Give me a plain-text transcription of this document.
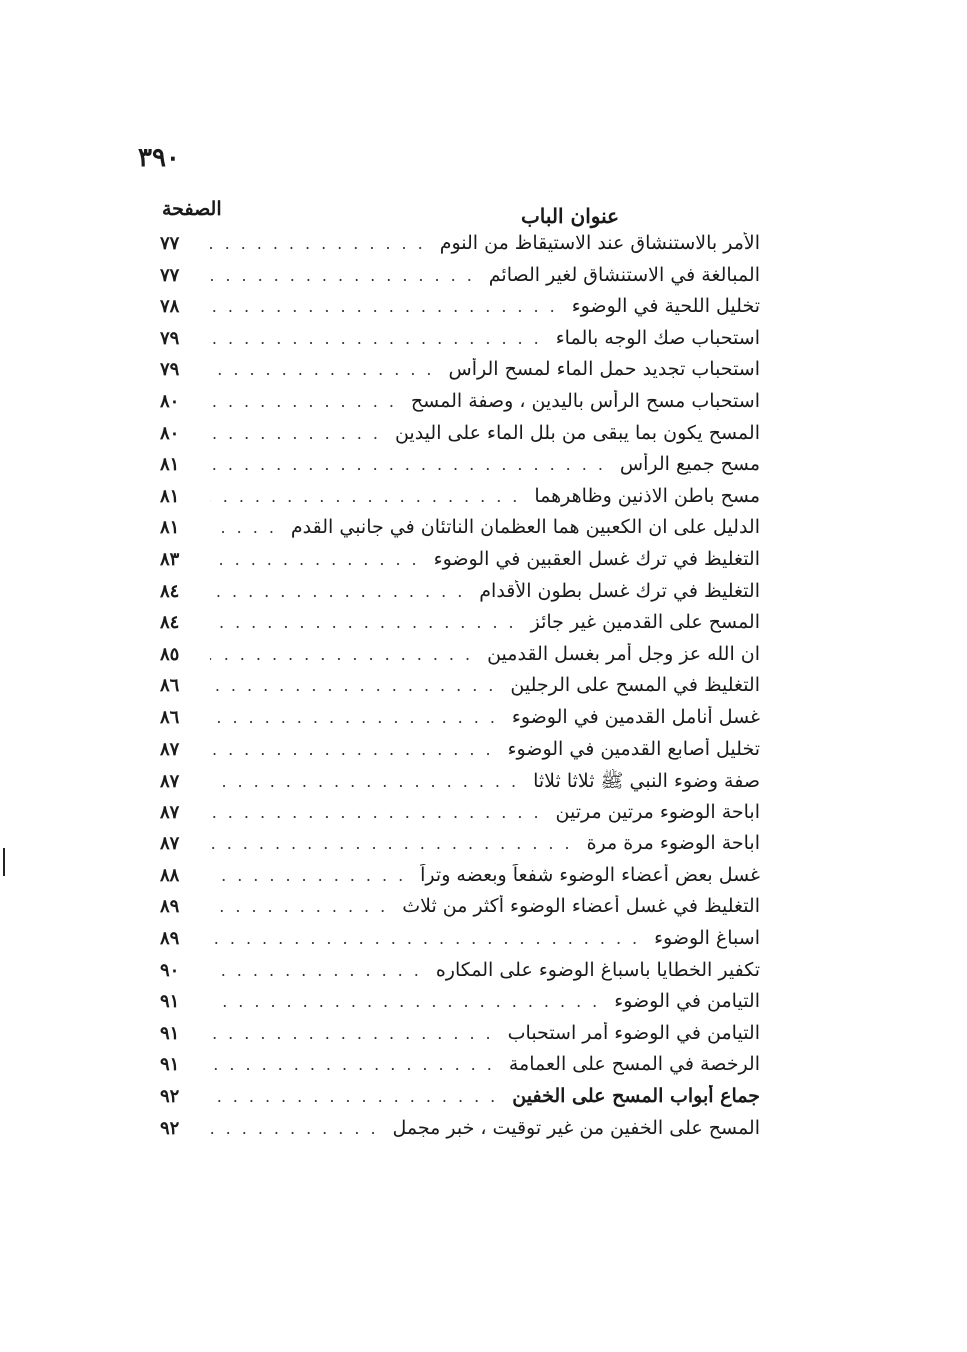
٣٩٠
الصفحة	عنوان الباب
الأمر بالاستنشاق عند الاستيقاظ من النوم
.....
٧٧
المبالغة في الاستنشاق لغير الصائم
.....
٧٧
تخليل اللحية في الوضوء
.....
٧٨
استحباب صك الوجه بالماء
.....
٧٩
استحباب تجديد حمل الماء لمسح الرأس
.....
٧٩
استحباب مسح الرأس باليدين ، وصفة المسح
.....
٨٠
المسح يكون بما يبقى من بلل الماء على اليدين
.....
٨٠
مسح جميع الرأس
.....
٨١
مسح باطن الاذنين وظاهرهما
.....
٨١
الدليل على ان الكعبين هما العظمان الناتئان في جانبي القدم
.....
٨١
التغليظ في ترك غسل العقبين في الوضوء
.....
٨٣
التغليظ في ترك غسل بطون الأقدام
.....
٨٤
المسح على القدمين غير جائز
.....
٨٤
ان الله عز وجل أمر بغسل القدمين
.....
٨٥
التغليظ في المسح على الرجلين
.....
٨٦
غسل أنامل القدمين في الوضوء
.....
٨٦
تخليل أصابع القدمين في الوضوء
.....
٨٧
صفة وضوء النبي ﷺ ثلاثا ثلاثا
.....
٨٧
اباحة الوضوء مرتين مرتين
.....
٨٧
اباحة الوضوء مرة مرة
.....
٨٧
غسل بعض أعضاء الوضوء شفعاً وبعضه وتراً
.....
٨٨
التغليظ في غسل أعضاء الوضوء أكثر من ثلاث
.....
٨٩
اسباغ الوضوء
.....
٨٩
تكفير الخطايا باسباغ الوضوء على المكاره
.....
٩٠
التيامن في الوضوء
.....
٩١
التيامن في الوضوء أمر استحباب
.....
٩١
الرخصة في المسح على العمامة
.....
٩١
جماع أبواب المسح على الخفين
.....
٩٢
المسح على الخفين من غير توقيت ، خبر مجمل
.....
٩٢
